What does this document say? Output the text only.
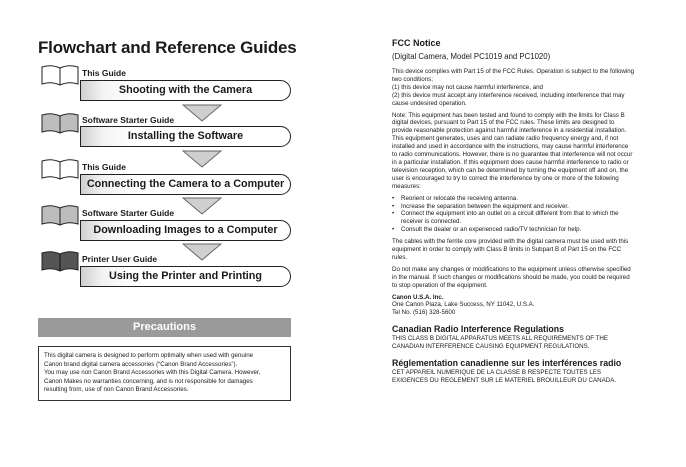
Flowchart and Reference Guides
This Guide
Shooting with the Camera
Software Starter Guide
Installing the Software
This Guide
Connecting the Camera to a Computer
Software Starter Guide
Downloading Images to a Computer
Printer User Guide
Using the Printer and Printing
Precautions

This digital camera is designed to perform optimally when used with genuine

Canon brand digital camera accessories (“Canon Brand Accessories”).

You may use non Canon Brand Accessories with this Digital Camera. However,

Canon Makes no warranties concerning, and is not responsible for damages

resulting from, use of non Canon Brand Accessories.

FCC Notice

(Digital Camera, Model PC1019 and PC1020)

This device complies with Part 15 of the FCC Rules. Operation is subject to the following
two conditions;
(1) this device may not cause harmful interference, and
(2) this device must accept any interference received, including interference that may
cause undesired operation.

Note: This equipment has been tested and found to comply with the limits for Class B
digital devices, pursuant to Part 15 of the FCC rules. These limits are designed to
provide reasonable protection against harmful interference in a residential installation.
This equipment generates, uses and can radiate radio frequency energy and, if not
installed and used in accordance with the instructions, may cause harmful interference
to radio communications. However, there is no guarantee that interference will not occur
in a particular installation. If this equipment does cause harmful interference to radio or
television reception, which can be determined by turning the equipment off and on, the
user is encouraged to try to correct the interference by one or more of the following
measures:

• Reorient or relocate the receiving antenna.
• Increase the separation between the equipment and receiver.
• Connect the equipment into an outlet on a circuit different from that to which the
receiver is connected.
• Consult the dealer or an experienced radio/TV technician for help.

The cables with the ferrite core provided with the digital camera must be used with this
equipment in order to comply with Class B limits in Subpart B of Part 15 on the FCC
rules.

Do not make any changes or modifications to the equipment unless otherwise specified
in the manual. If such changes or modifications should be made, you could be required
to stop operation of the equipment.

Canon U.S.A. Inc.
One Canon Plaza, Lake Success, NY 11042, U.S.A.
Tel No. (516) 328-5600

Canadian Radio Interference Regulations

THIS CLASS B DIGITAL APPARATUS MEETS ALL REQUIREMENTS OF THE
CANADIAN INTERFERENCE CAUSING EQUIPMENT REGULATIONS.

Réglementation canadienne sur les interférences radio

CET APPAREIL NUMERIQUE DE LA CLASSE B RESPECTE TOUTES LES
EXIGENCES DU REGLEMENT SUR LE MATERIEL BROUILLEUR DU CANADA.
